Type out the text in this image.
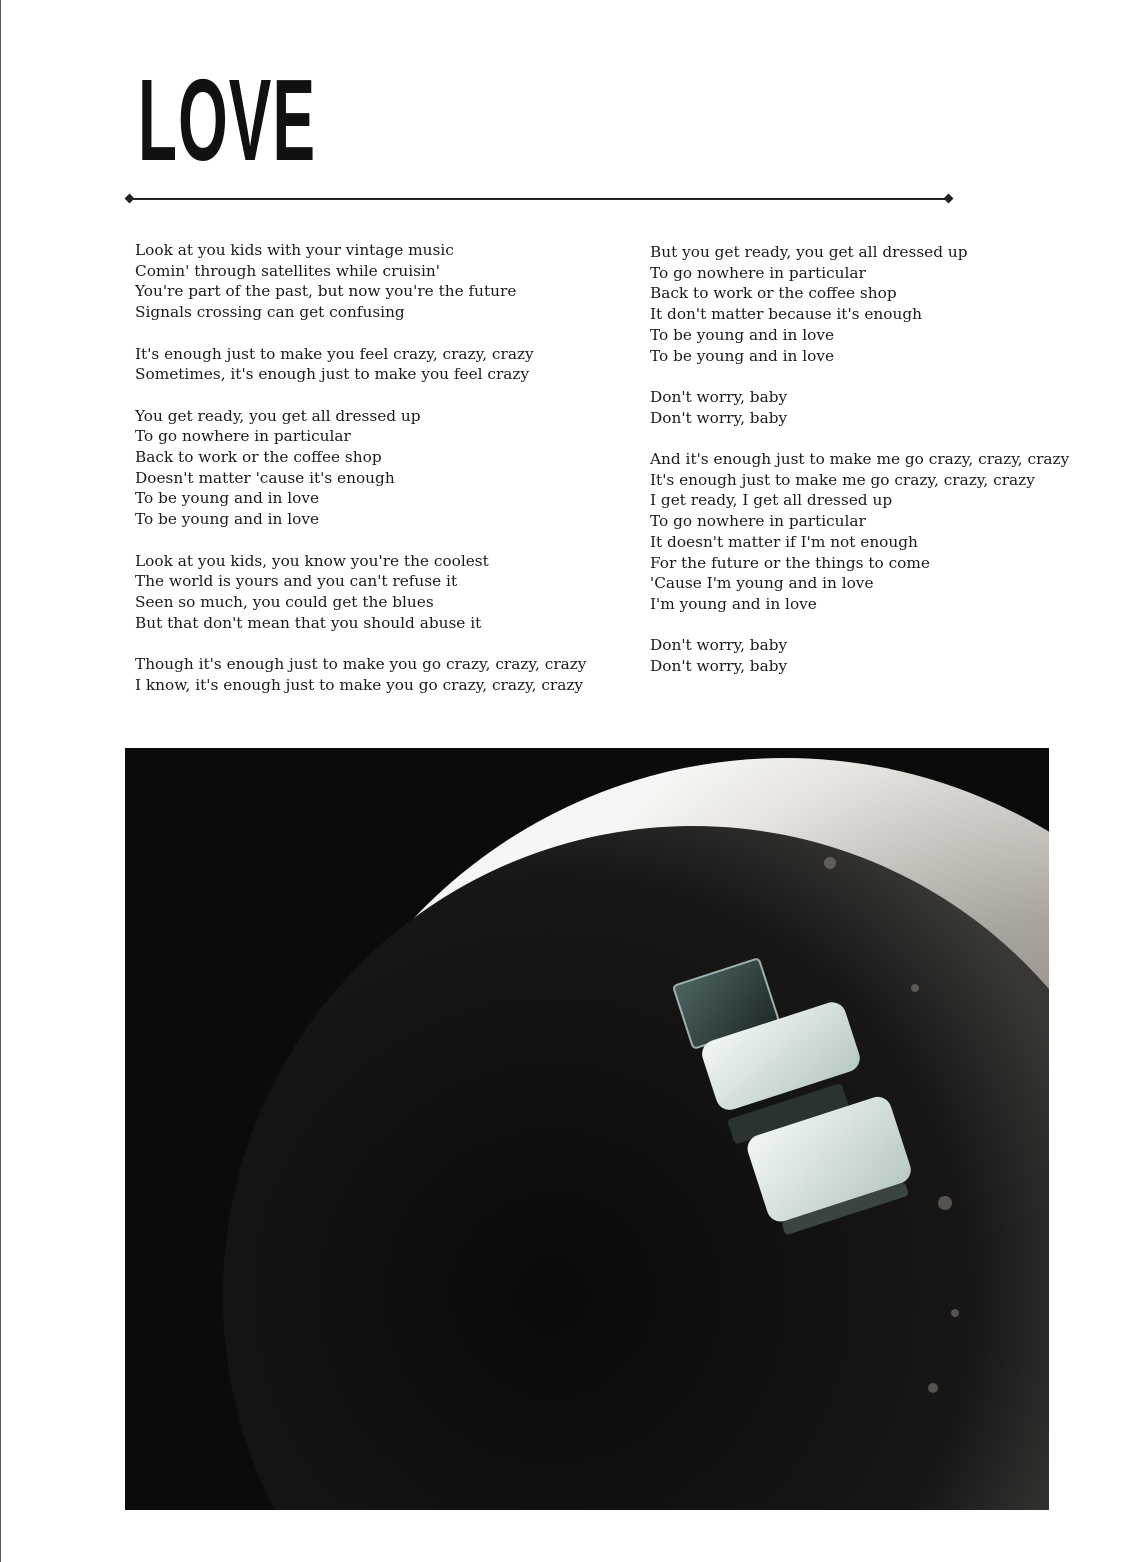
LOVE
Look at you kids with your vintage music
Comin' through satellites while cruisin'
You're part of the past, but now you're the future
Signals crossing can get confusing
It's enough just to make you feel crazy, crazy, crazy
Sometimes, it's enough just to make you feel crazy
You get ready, you get all dressed up
To go nowhere in particular
Back to work or the coffee shop
Doesn't matter 'cause it's enough
To be young and in love
To be young and in love
Look at you kids, you know you're the coolest
The world is yours and you can't refuse it
Seen so much, you could get the blues
But that don't mean that you should abuse it
Though it's enough just to make you go crazy, crazy, crazy
I know, it's enough just to make you go crazy, crazy, crazy
But you get ready, you get all dressed up
To go nowhere in particular
Back to work or the coffee shop
It don't matter because it's enough
To be young and in love
To be young and in love
Don't worry, baby
Don't worry, baby
And it's enough just to make me go crazy, crazy, crazy
It's enough just to make me go crazy, crazy, crazy
I get ready, I get all dressed up
To go nowhere in particular
It doesn't matter if I'm not enough
For the future or the things to come
'Cause I'm young and in love
I'm young and in love
Don't worry, baby
Don't worry, baby
